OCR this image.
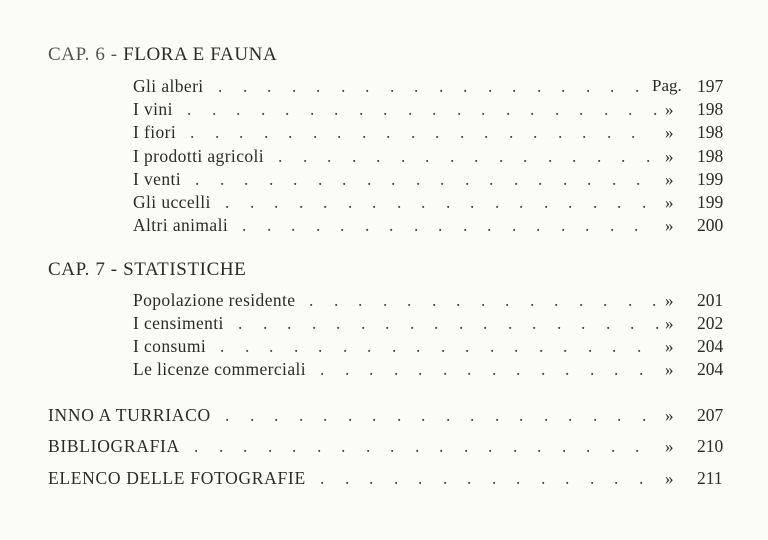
CAP. 6 - FLORA E FAUNA
Gli alberi	Pag. 197
. . . . . . . . . . . . . . . . . .
I vini	» 198
. . . . . . . . . . . . . . . . . . . .
I fiori	» 198
. . . . . . . . . . . . . . . . . . .
I prodotti agricoli	» 198
. . . . . . . . . . . . . . . .
I venti	» 199
. . . . . . . . . . . . . . . . . . .
Gli uccelli	» 199
. . . . . . . . . . . . . . . . . .
Altri animali	» 200
. . . . . . . . . . . . . . . . .
CAP. 7 - STATISTICHE
Popolazione residente	» 201
. . . . . . . . . . . . . . .
I censimenti	» 202
. . . . . . . . . . . . . . . . . .
I consumi	» 204
. . . . . . . . . . . . . . . . . .
Le licenze commerciali	» 204
. . . . . . . . . . . . . .
INNO A TURRIACO	» 207
. . . . . . . . . . . . . . . . . .
BIBLIOGRAFIA	» 210
. . . . . . . . . . . . . . . . . . .
ELENCO DELLE FOTOGRAFIE	» 211
. . . . . . . . . . . . . .
